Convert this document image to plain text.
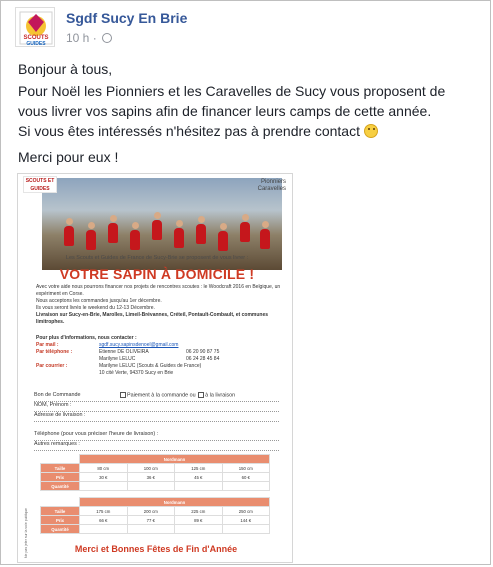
SCOUTS
GUIDES
Sgdf Sucy En Brie
10 h ·

Bonjour à tous,

Pour Noël les Pionniers et les Caravelles de Sucy vous proposent de vous livrer vos sapins afin de financer leurs camps de cette année.

Si vous êtes intéressés n'hésitez pas à prendre contact

Merci pour eux !

SCOUTS ET GUIDES
Pionniers Caravelles
Les Scouts et Guides de France de Sucy-Brie se proposent de vous livrer :
VOTRE SAPIN À DOMICILE !

Avec votre aide nous pourrons financer nos projets de rencontres scoutes : le Woodcraft 2016 en Belgique, un expériment en Corse.

Nous acceptons les commandes jusqu'au 1er décembre.

Ils vous seront livrés le weekend du 12-13 Décembre.

Livraison sur Sucy-en-Brie, Marolles, Limeil-Brévannes, Créteil, Pontault-Combault, et communes limitrophes.

Pour plus d'informations, nous contacter :
Par mail :	sgdf.sucy.sapinsdenoel@gmail.com
Par téléphone :	Etienne DE OLIVEIRA	06 20 90 87 75
Marilyne LELUC	06 24 28 45 84
Par courrier :	Marilyne LELUC (Scouts & Guides de France)
10 cité Verte, 94370 Sucy en Brie
Bon de Commande	Paiement à la commande ou à la livraison
NOM, Prénom :
Adresse de livraison :
Téléphone (pour vous préciser l'heure de livraison) :
Autres remarques :
	Nordmann			
Taille	80 cm	100 cm	125 cm	150 cm
Prix	30 €	36 €	45 €	60 €
Quantité				

	Nordmann			
Taille	175 cm	200 cm	225 cm	250 cm
Prix	66 €	77 €	89 €	144 €
Quantité				
Ne pas jeter sur la voie publique	Merci et Bonnes Fêtes de Fin d'Année
